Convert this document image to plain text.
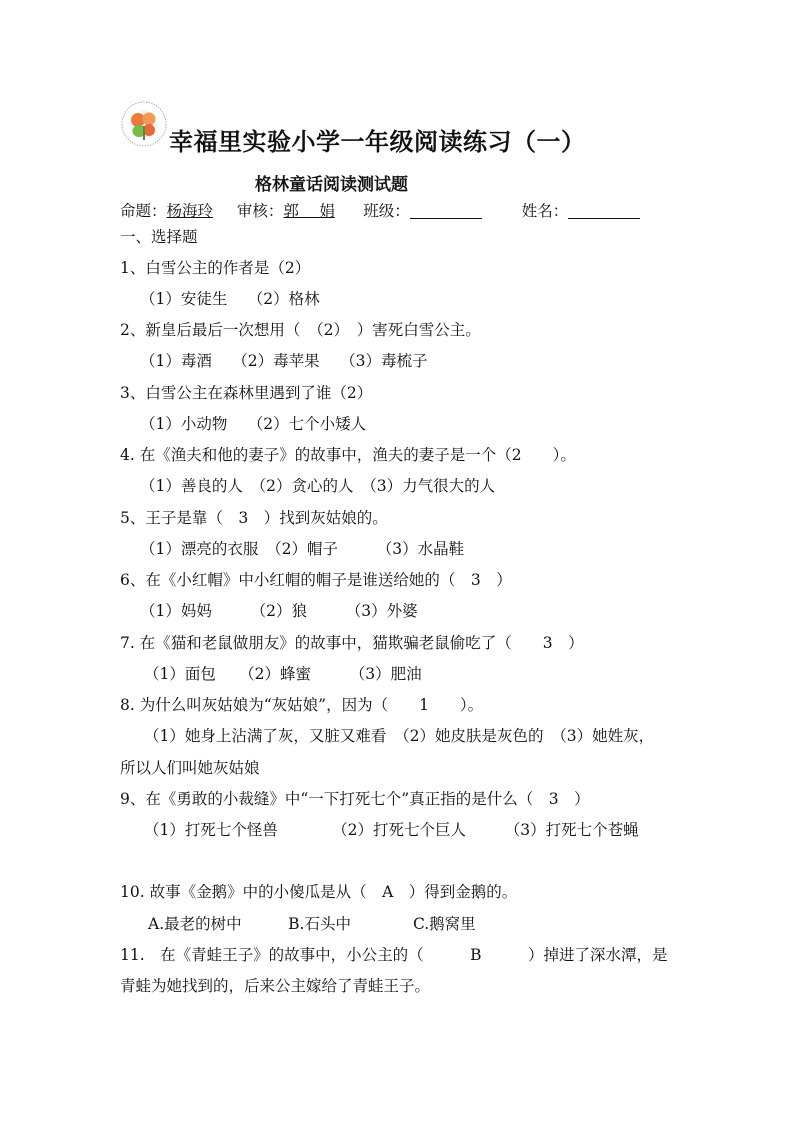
幸福里实验小学一年级阅读练习（一）
格林童话阅读测试题
命题：杨海玲 审核：郭　 娟 班级：	姓名：
一、选择题
1、白雪公主的作者是（2）
（1）安徒生　 （2）格林
2、新皇后最后一次想用（　（2）　）害死白雪公主。
（1）毒酒　 （2）毒苹果　 （3）毒梳子
3、白雪公主在森林里遇到了谁（2）
（1）小动物　 （2）七个小矮人
4. 在《渔夫和他的妻子》的故事中，渔夫的妻子是一个（2　　）。
（1）善良的人　（2）贪心的人　（3）力气很大的人
5、王子是靠（　3　）找到灰姑娘的。
（1）漂亮的衣服　（2）帽子　　　（3）水晶鞋
6、在《小红帽》中小红帽的帽子是谁送给她的（　3　）
（1）妈妈　　　（2）狼　　　（3）外婆
7. 在《猫和老鼠做朋友》的故事中，猫欺骗老鼠偷吃了（　　3　）
（1）面包　　（2）蜂蜜　　　（3）肥油
8. 为什么叫灰姑娘为“灰姑娘”，因为（　　1　　）。
（1）她身上沾满了灰，又脏又难看　（2）她皮肤是灰色的　（3）她姓灰，
所以人们叫她灰姑娘
9、在《勇敢的小裁缝》中“一下打死七个”真正指的是什么（　3　）
（1）打死七个怪兽　　　　（2）打死七个巨人　　　（3）打死七个苍蝇
10. 故事《金鹅》中的小傻瓜是从（　A　）得到金鹅的。
A.最老的树中　　　B.石头中　　　　C.鹅窝里
11.　在《青蛙王子》的故事中，小公主的（　　　B　　　）掉进了深水潭，是
青蛙为她找到的，后来公主嫁给了青蛙王子。
